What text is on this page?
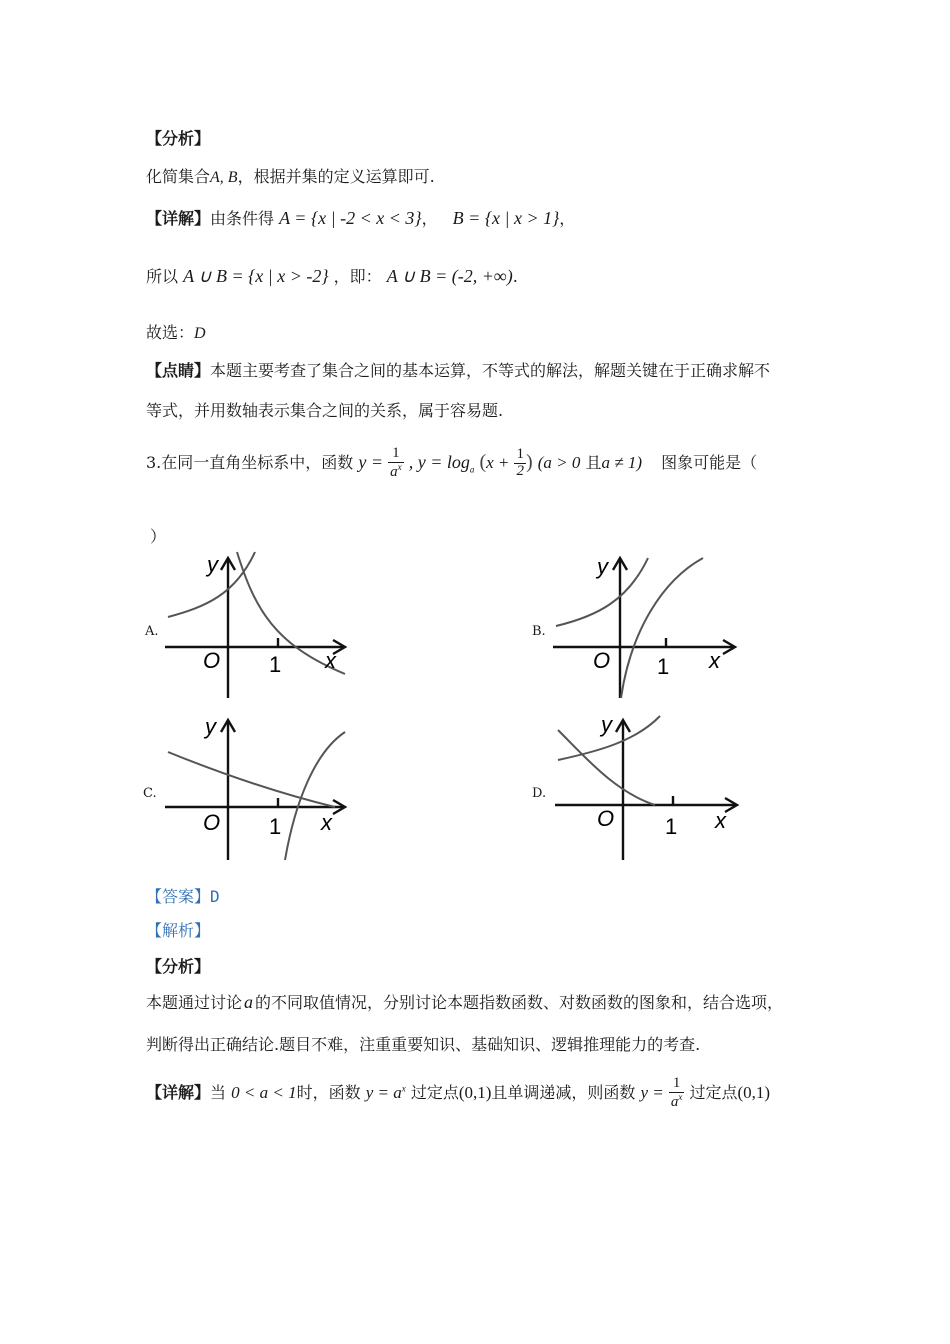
【分析】
化简集合A, B，根据并集的定义运算即可.
【详解】由条件得 A = {x | -2 < x < 3}， B = {x | x > 1}，
所以 A ∪ B = {x | x > -2} ，即： A ∪ B = (-2, +∞).
故选：D
【点睛】本题主要考查了集合之间的基本运算，不等式的解法，解题关键在于正确求解不
等式，并用数轴表示集合之间的关系，属于容易题.
3.在同一直角坐标系中，函数 $y = \frac{1}{a^x}$ , $y = \log_a (x + \frac{1}{2}$ ) (a > 0 且a ≠ 1) 图象可能是（
）
A.
y
x
O 1
B.
y
x
O 1
C.
y
x
O 1
D.
y
x
O 1
【答案】D
【解析】
【分析】
本题通过讨论 a 的不同取值情况，分别讨论本题指数函数、对数函数的图象和，结合选项，
判断得出正确结论.题目不难，注重重要知识、基础知识、逻辑推理能力的考查.
【详解】当 0 < a < 1时，函数 $y = a^x$ 过定点(0,1)且单调递减，则函数 $y = \frac{1}{a^x}$ 过定点(0,1)
